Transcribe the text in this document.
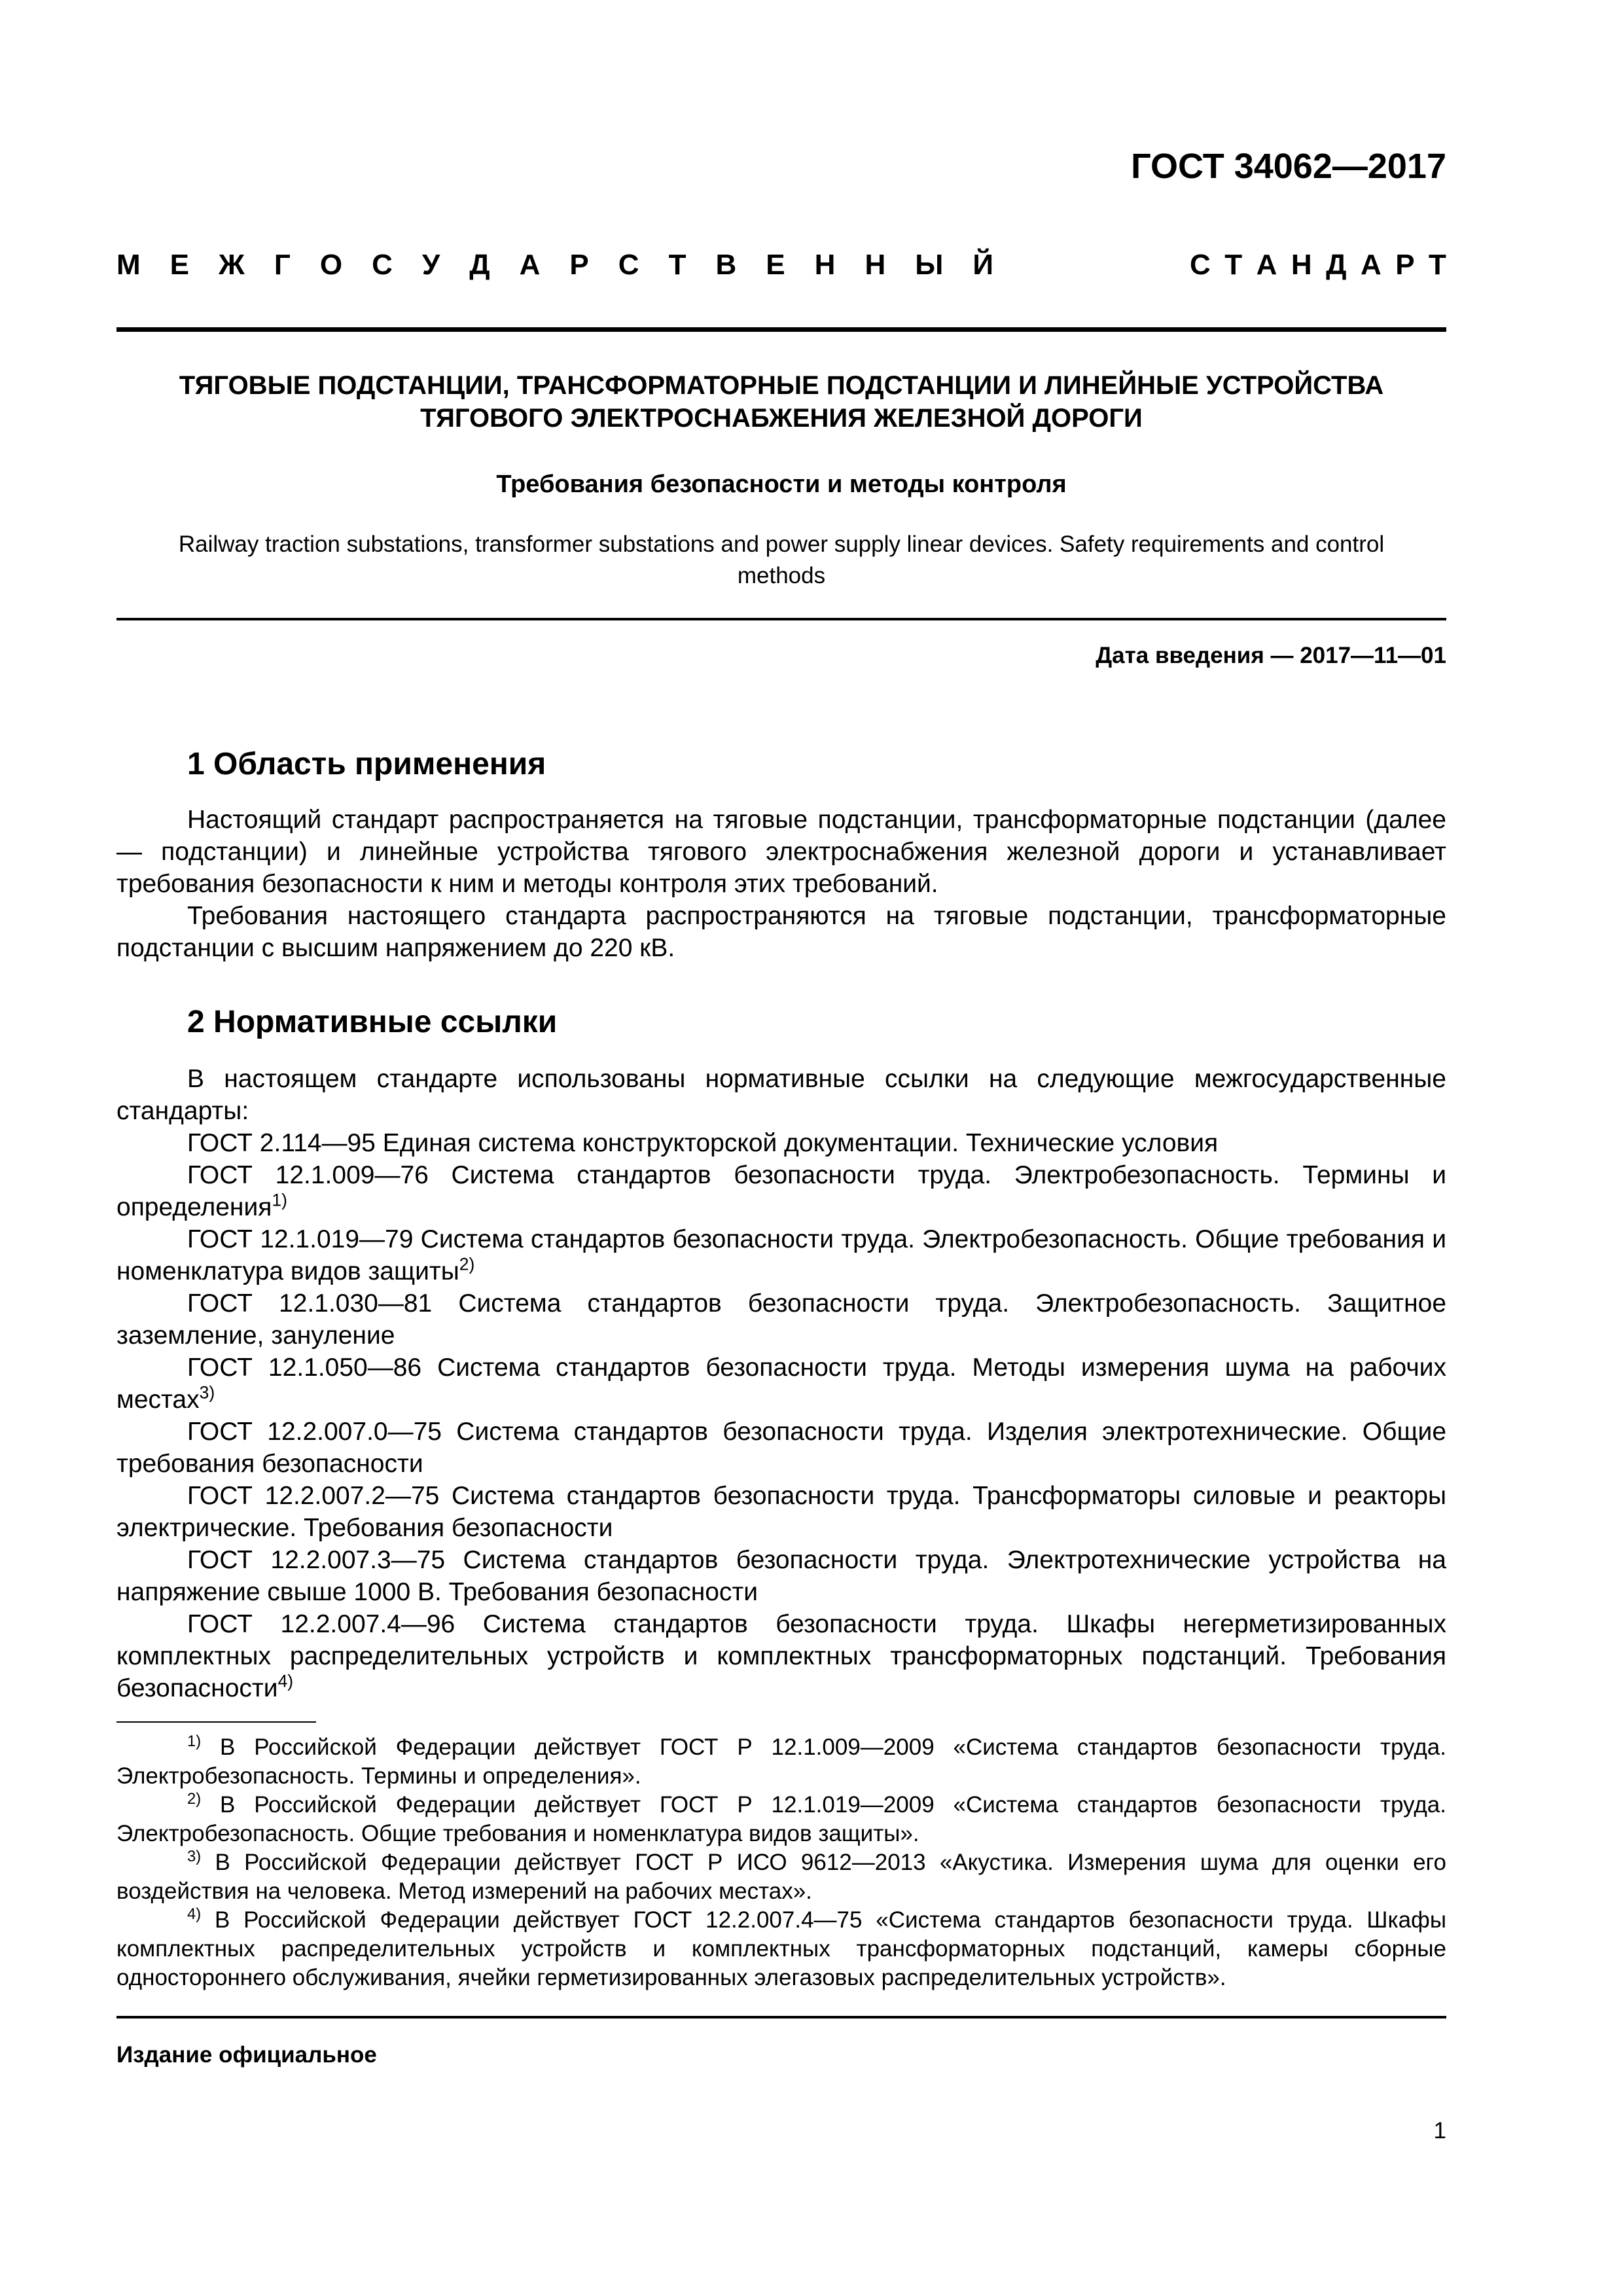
ГОСТ 34062—2017
М Е Ж Г О С У Д А Р С Т В Е Н Н Ы Й	С Т А Н Д А Р Т
ТЯГОВЫЕ ПОДСТАНЦИИ, ТРАНСФОРМАТОРНЫЕ ПОДСТАНЦИИ И ЛИНЕЙНЫЕ УСТРОЙСТВА
ТЯГОВОГО ЭЛЕКТРОСНАБЖЕНИЯ ЖЕЛЕЗНОЙ ДОРОГИ
Требования безопасности и методы контроля
Railway traction substations, transformer substations and power supply linear devices. Safety requirements and control
methods
Дата введения — 2017—11—01
1 Область применения

Настоящий стандарт распространяется на тяговые подстанции, трансформаторные подстанции (далее — подстанции) и линейные устройства тягового электроснабжения железной дороги и устанавливает требования безопасности к ним и методы контроля этих требований.

Требования настоящего стандарта распространяются на тяговые подстанции, трансформаторные подстанции с высшим напряжением до 220 кВ.

2 Нормативные ссылки

В настоящем стандарте использованы нормативные ссылки на следующие межгосударственные стандарты:

ГОСТ 2.114—95 Единая система конструкторской документации. Технические условия

ГОСТ 12.1.009—76 Система стандартов безопасности труда. Электробезопасность. Термины и определения$^{1)}$

ГОСТ 12.1.019—79 Система стандартов безопасности труда. Электробезопасность. Общие требования и номенклатура видов защиты$^{2)}$

ГОСТ 12.1.030—81 Система стандартов безопасности труда. Электробезопасность. Защитное заземление, зануление

ГОСТ 12.1.050—86 Система стандартов безопасности труда. Методы измерения шума на рабочих местах$^{3)}$

ГОСТ 12.2.007.0—75 Система стандартов безопасности труда. Изделия электротехнические. Общие требования безопасности

ГОСТ 12.2.007.2—75 Система стандартов безопасности труда. Трансформаторы силовые и реакторы электрические. Требования безопасности

ГОСТ 12.2.007.3—75 Система стандартов безопасности труда. Электротехнические устройства на напряжение свыше 1000 В. Требования безопасности

ГОСТ 12.2.007.4—96 Система стандартов безопасности труда. Шкафы негерметизированных комплектных распределительных устройств и комплектных трансформаторных подстанций. Требования безопасности$^{4)}$

$^{1)}$ В Российской Федерации действует ГОСТ Р 12.1.009—2009 «Система стандартов безопасности труда. Электробезопасность. Термины и определения».

$^{2)}$ В Российской Федерации действует ГОСТ Р 12.1.019—2009 «Система стандартов безопасности труда. Электробезопасность. Общие требования и номенклатура видов защиты».

$^{3)}$ В Российской Федерации действует ГОСТ Р ИСО 9612—2013 «Акустика. Измерения шума для оценки его воздействия на человека. Метод измерений на рабочих местах».

$^{4)}$ В Российской Федерации действует ГОСТ 12.2.007.4—75 «Система стандартов безопасности труда. Шкафы комплектных распределительных устройств и комплектных трансформаторных подстанций, камеры сборные одностороннего обслуживания, ячейки герметизированных элегазовых распределительных устройств».

Издание официальное
1
